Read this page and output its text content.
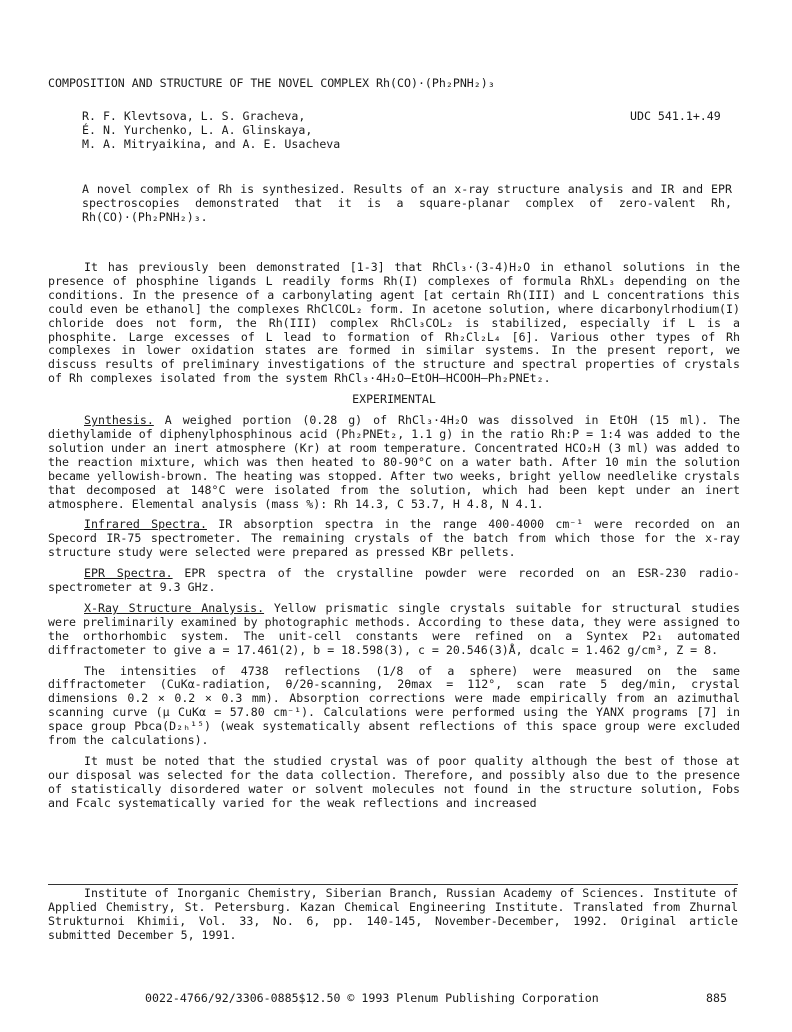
COMPOSITION AND STRUCTURE OF THE NOVEL COMPLEX Rh(CO)·(Ph₂PNH₂)₃
R. F. Klevtsova, L. S. Gracheva,
É. N. Yurchenko, L. A. Glinskaya,
M. A. Mitryaikina, and A. E. Usacheva
UDC 541.1+.49
A novel complex of Rh is synthesized. Results of an x-ray structure analysis and IR and EPR spectroscopies demonstrated that it is a square-planar complex of zero-valent Rh, Rh(CO)·(Ph₂PNH₂)₃.

It has previously been demonstrated [1-3] that RhCl₃·(3-4)H₂O in ethanol solutions in the presence of phosphine ligands L readily forms Rh(I) complexes of formula RhXL₃ depending on the conditions. In the presence of a carbonylating agent [at certain Rh(III) and L concentrations this could even be ethanol] the complexes RhClCOL₂ form. In acetone solution, where dicarbonylrhodium(I) chloride does not form, the Rh(III) complex RhCl₃COL₂ is stabilized, especially if L is a phosphite. Large excesses of L lead to formation of Rh₂Cl₂L₄ [6]. Various other types of Rh complexes in lower oxidation states are formed in similar systems. In the present report, we discuss results of preliminary investigations of the structure and spectral properties of crystals of Rh complexes isolated from the system RhCl₃·4H₂O–EtOH–HCOOH–Ph₂PNEt₂.

EXPERIMENTAL

Synthesis. A weighed portion (0.28 g) of RhCl₃·4H₂O was dissolved in EtOH (15 ml). The diethylamide of diphenylphosphinous acid (Ph₂PNEt₂, 1.1 g) in the ratio Rh:P = 1:4 was added to the solution under an inert atmosphere (Kr) at room temperature. Concentrated HCO₂H (3 ml) was added to the reaction mixture, which was then heated to 80-90°C on a water bath. After 10 min the solution became yellowish-brown. The heating was stopped. After two weeks, bright yellow needlelike crystals that decomposed at 148°C were isolated from the solution, which had been kept under an inert atmosphere. Elemental analysis (mass %): Rh 14.3, C 53.7, H 4.8, N 4.1.

Infrared Spectra. IR absorption spectra in the range 400-4000 cm⁻¹ were recorded on an Specord IR-75 spectrometer. The remaining crystals of the batch from which those for the x-ray structure study were selected were prepared as pressed KBr pellets.

EPR Spectra. EPR spectra of the crystalline powder were recorded on an ESR-230 radio-spectrometer at 9.3 GHz.

X-Ray Structure Analysis. Yellow prismatic single crystals suitable for structural studies were preliminarily examined by photographic methods. According to these data, they were assigned to the orthorhombic system. The unit-cell constants were refined on a Syntex P2₁ automated diffractometer to give a = 17.461(2), b = 18.598(3), c = 20.546(3)Å, dcalc = 1.462 g/cm³, Z = 8.

The intensities of 4738 reflections (1/8 of a sphere) were measured on the same diffractometer (CuKα-radiation, θ/2θ-scanning, 2θmax = 112°, scan rate 5 deg/min, crystal dimensions 0.2 × 0.2 × 0.3 mm). Absorption corrections were made empirically from an azimuthal scanning curve (μ CuKα = 57.80 cm⁻¹). Calculations were performed using the YANX programs [7] in space group Pbca(D₂ₕ¹⁵) (weak systematically absent reflections of this space group were excluded from the calculations).

It must be noted that the studied crystal was of poor quality although the best of those at our disposal was selected for the data collection. Therefore, and possibly also due to the presence of statistically disordered water or solvent molecules not found in the structure solution, Fobs and Fcalc systematically varied for the weak reflections and increased

Institute of Inorganic Chemistry, Siberian Branch, Russian Academy of Sciences. Institute of Applied Chemistry, St. Petersburg. Kazan Chemical Engineering Institute. Translated from Zhurnal Strukturnoi Khimii, Vol. 33, No. 6, pp. 140-145, November-December, 1992. Original article submitted December 5, 1991.
0022-4766/92/3306-0885$12.50 © 1993 Plenum Publishing Corporation	885
